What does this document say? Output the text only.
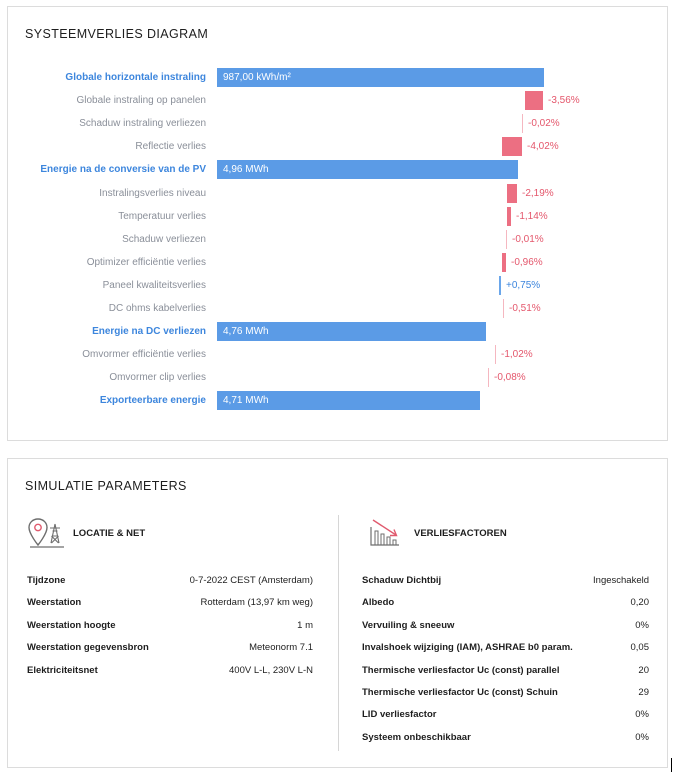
SYSTEEMVERLIES DIAGRAM
Globale horizontale instraling 987,00 kWh/m²
Globale instraling op panelen	-3,56%
Schaduw instraling verliezen	-0,02%
Reflectie verlies	-4,02%
Energie na de conversie van de PV 4,96 MWh
Instralingsverlies niveau	-2,19%
Temperatuur verlies	-1,14%
Schaduw verliezen	-0,01%
Optimizer efficiëntie verlies	-0,96%
Paneel kwaliteitsverlies	+0,75%
DC ohms kabelverlies	-0,51%
Energie na DC verliezen 4,76 MWh
Omvormer efficiëntie verlies	-1,02%
Omvormer clip verlies	-0,08%
Exporteerbare energie 4,71 MWh
SIMULATIE PARAMETERS
LOCATIE & NET	VERLIESFACTOREN
Tijdzone	0-7-2022 CEST (Amsterdam)
Weerstation	Rotterdam (13,97 km weg)
Weerstation hoogte	1 m
Weerstation gegevensbron	Meteonorm 7.1
Elektriciteitsnet	400V L-L, 230V L-N
Schaduw Dichtbij	Ingeschakeld
Albedo	0,20
Vervuiling & sneeuw	0%
Invalshoek wijziging (IAM), ASHRAE b0 param.	0,05
Thermische verliesfactor Uc (const) parallel	20
Thermische verliesfactor Uc (const) Schuin	29
LID verliesfactor	0%
Systeem onbeschikbaar	0%
